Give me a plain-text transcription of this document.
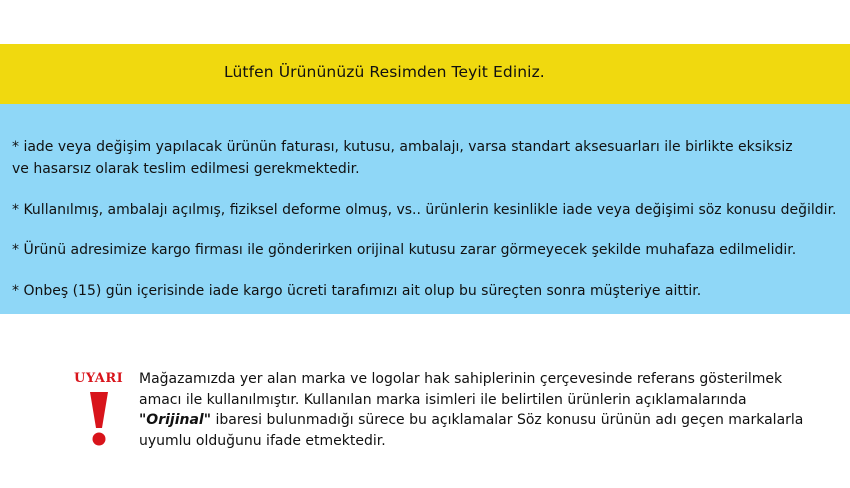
Lütfen Ürününüzü Resimden Teyit Ediniz.
* iade veya değişim yapılacak ürünün faturası, kutusu, ambalajı, varsa standart aksesuarları ile birlikte eksiksiz
ve hasarsız olarak teslim edilmesi gerekmektedir.
* Kullanılmış, ambalajı açılmış, fiziksel deforme olmuş, vs.. ürünlerin kesinlikle iade veya değişimi söz konusu değildir.
* Ürünü adresimize kargo firması ile gönderirken orijinal kutusu zarar görmeyecek şekilde muhafaza edilmelidir.
* Onbeş (15) gün içerisinde iade kargo ücreti tarafımızı ait olup bu süreçten sonra müşteriye aittir.
UYARI Mağazamızda yer alan marka ve logolar hak sahiplerinin çerçevesinde referans gösterilmek
amacı ile kullanılmıştır. Kullanılan marka isimleri ile belirtilen ürünlerin açıklamalarında
"Orijinal" ibaresi bulunmadığı sürece bu açıklamalar Söz konusu ürünün adı geçen markalarla
uyumlu olduğunu ifade etmektedir.
